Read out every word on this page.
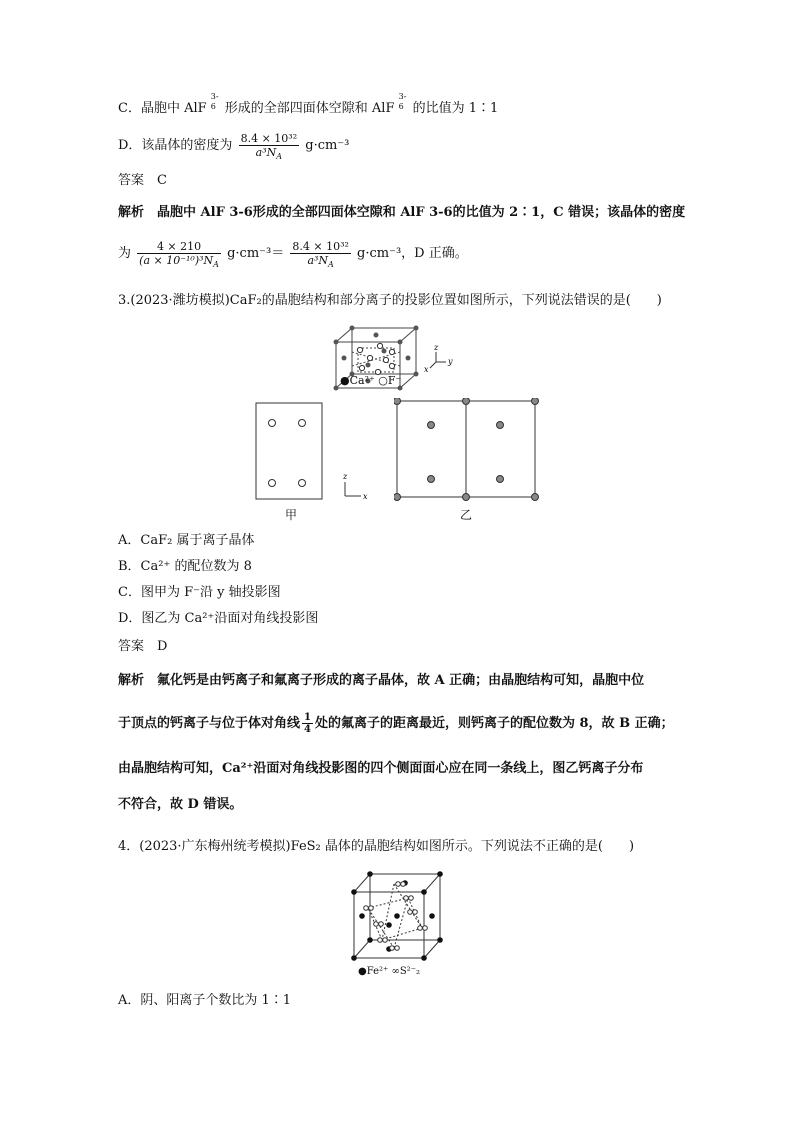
C．晶胞中 AlF
3-
6 形成的全部四面体空隙和 AlF
3-
6 的比值为 1∶1
D．该晶体的密度为 $\frac{\text{8.4 × 10³²}}{a^3N_A} g\cdot cm^{-3}$
答案　C
解析　晶胞中 AlF 3-6形成的全部四面体空隙和 AlF 3-6的比值为 2∶1，C 错误；该晶体的密度
为 $\frac{4 \times 210}{(a \times 10^{-10})^3N_A} g\cdot cm^{-3}= \frac{\text{8.4 × 10³²}}{a^3N_A} g\cdot cm^{-3}$，D 正确。
3.(2023·潍坊模拟)CaF₂的晶胞结构和部分离子的投影位置如图所示，下列说法错误的是(　　)
z
y
x
●Ca²⁺ ○F⁻
z
x
甲	乙
A．CaF₂ 属于离子晶体
B．Ca²⁺ 的配位数为 8
C．图甲为 F⁻沿 y 轴投影图
D．图乙为 Ca²⁺沿面对角线投影图
答案　D
解析　氟化钙是由钙离子和氟离子形成的离子晶体，故 A 正确；由晶胞结构可知，晶胞中位
于顶点的钙离子与位于体对角线 $\frac{1}{4}$ 处的氟离子的距离最近，则钙离子的配位数为 8，故 B 正确；
由晶胞结构可知，Ca²⁺沿面对角线投影图的四个侧面面心应在同一条线上，图乙钙离子分布
不符合，故 D 错误。
4．(2023·广东梅州统考模拟)FeS₂ 晶体的晶胞结构如图所示。下列说法不正确的是(　　)
●Fe²⁺ ∞S²⁻₂
A．阴、阳离子个数比为 1∶1
